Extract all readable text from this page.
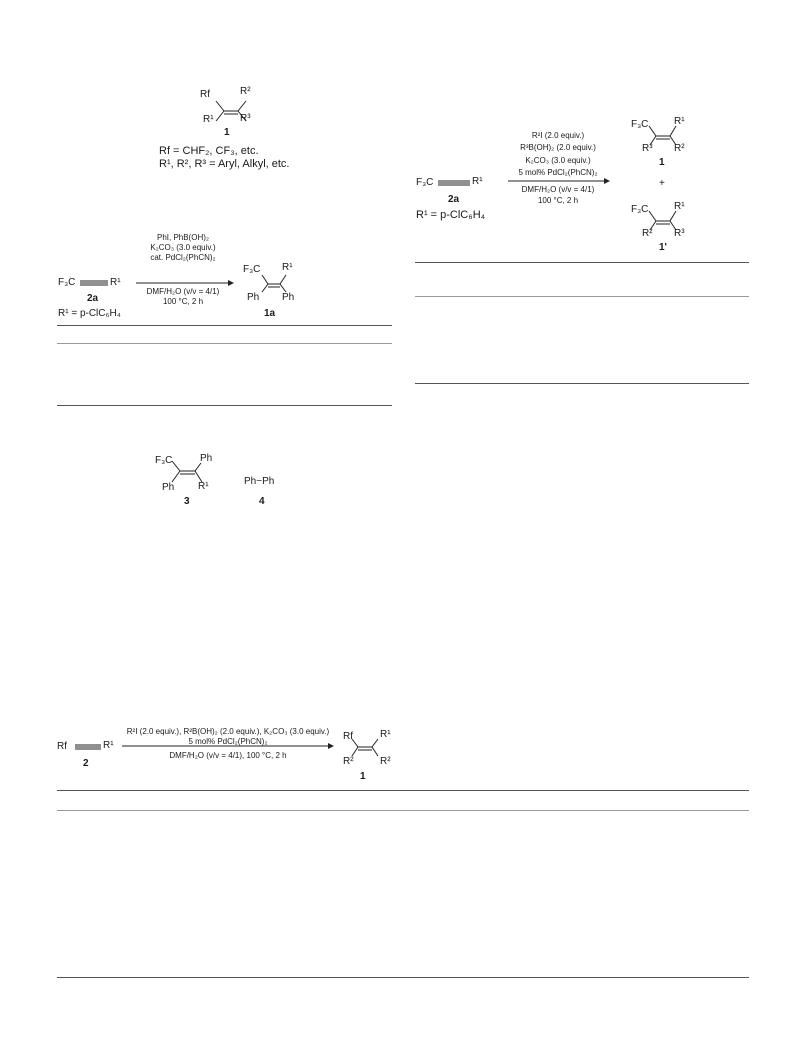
Rf	R²
R¹	R³
1
Rf = CHF₂, CF₃, etc.
R¹, R², R³ = Aryl, Alkyl, etc.
F₃C	R¹
2a
R¹ = p-ClC₆H₄
PhI, PhB(OH)₂
K₂CO₃ (3.0 equiv.)
cat. PdCl₂(PhCN)₂
DMF/H₂O (v/v = 4/1)
100 °C, 2 h
F₃C R¹
Ph Ph
1a
F₃C	Ph
Ph R¹
3
Ph−Ph
4
R²I (2.0 equiv.)
R³B(OH)₂ (2.0 equiv.)
K₂CO₃ (3.0 equiv.)
5 mol% PdCl₂(PhCN)₂
DMF/H₂O (v/v = 4/1)
100 °C, 2 h
F₃C	R¹
2a
R¹ = p-ClC₆H₄
F₃C	R¹
R³ R²
1
+
F₃C	R¹
R² R³
1'
Rf	R¹
2
R²I (2.0 equiv.), R²B(OH)₂ (2.0 equiv.), K₂CO₃ (3.0 equiv.)
5 mol% PdCl₂(PhCN)₂
DMF/H₂O (v/v = 4/1), 100 °C, 2 h
Rf	R¹
R²	R²
1
